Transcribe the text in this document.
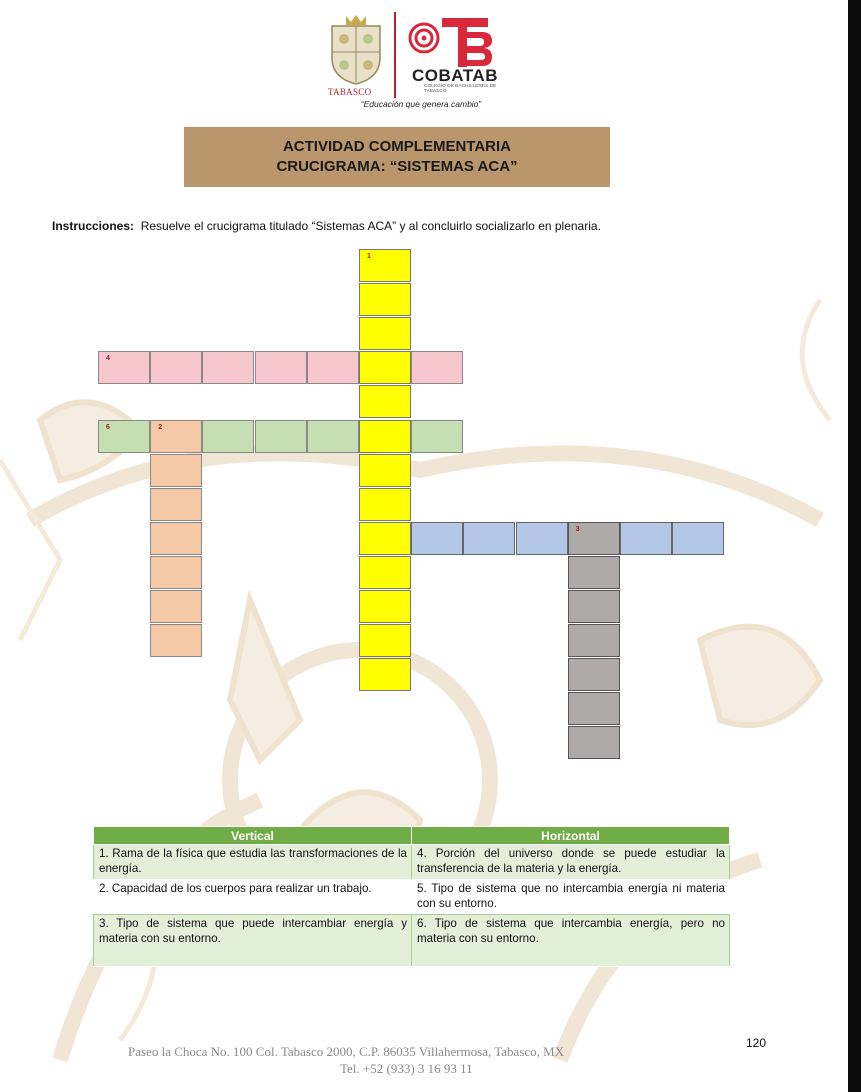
TABASCO
COBATAB
COLEGIO DE BACHILLERES DE TABASCO
“Educación que genera cambio”
ACTIVIDAD COMPLEMENTARIA
CRUCIGRAMA: “SISTEMAS ACA”
Instrucciones: Resuelve el crucigrama titulado “Sistemas ACA” y al concluirlo socializarlo en plenaria.
4
6	2
3
1
Vertical	Horizontal
1. Rama de la física que estudia las transformaciones de la energía.	4. Porción del universo donde se puede estudiar la transferencia de la materia y la energía.
2. Capacidad de los cuerpos para realizar un trabajo.	5. Tipo de sistema que no intercambia energía ni materia con su entorno.
3. Tipo de sistema que puede intercambiar energía y materia con su entorno.	6. Tipo de sistema que intercambia energía, pero no materia con su entorno.
120
Paseo la Choca No. 100 Col. Tabasco 2000, C.P. 86035 Villahermosa, Tabasco, MX
Tel. +52 (933) 3 16 93 11
